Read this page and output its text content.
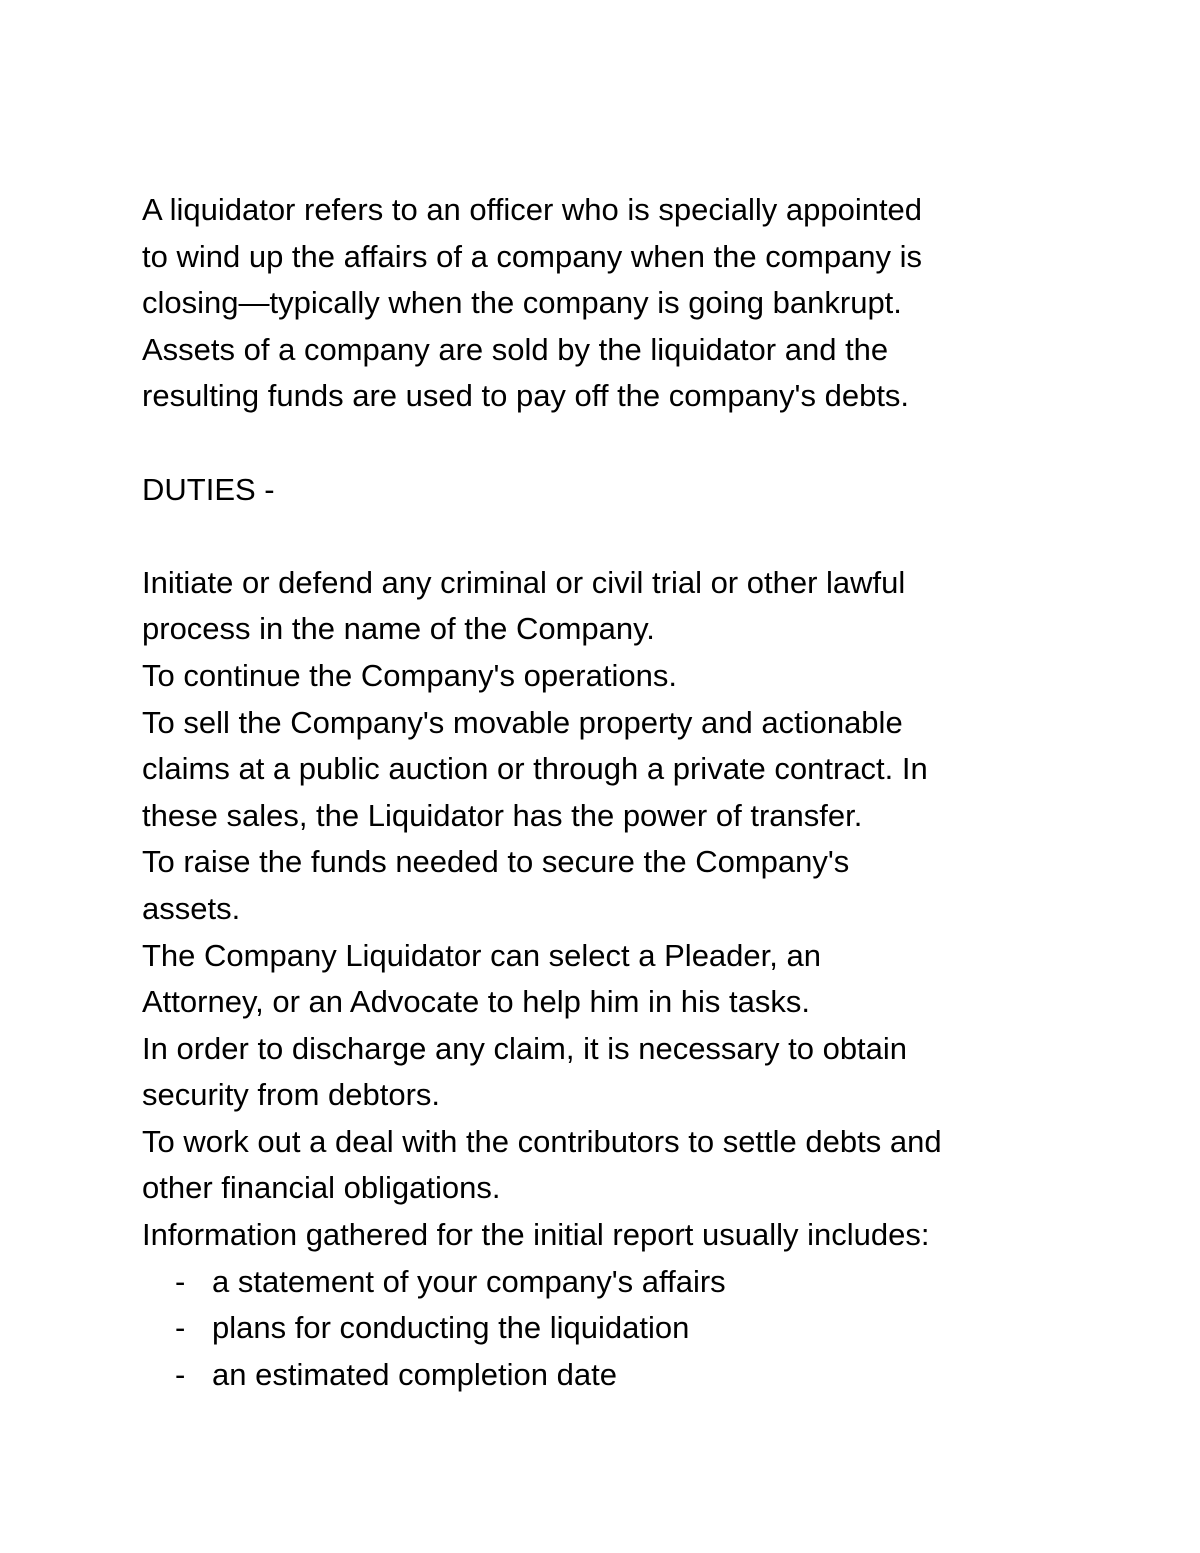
A liquidator refers to an officer who is specially appointed
to wind up the affairs of a company when the company is
closing—typically when the company is going bankrupt.
Assets of a company are sold by the liquidator and the
resulting funds are used to pay off the company's debts.
DUTIES -
Initiate or defend any criminal or civil trial or other lawful
process in the name of the Company.
To continue the Company's operations.
To sell the Company's movable property and actionable
claims at a public auction or through a private contract. In
these sales, the Liquidator has the power of transfer.
To raise the funds needed to secure the Company's
assets.
The Company Liquidator can select a Pleader, an
Attorney, or an Advocate to help him in his tasks.
In order to discharge any claim, it is necessary to obtain
security from debtors.
To work out a deal with the contributors to settle debts and
other financial obligations.
Information gathered for the initial report usually includes:
- a statement of your company's affairs
- plans for conducting the liquidation
- an estimated completion date
